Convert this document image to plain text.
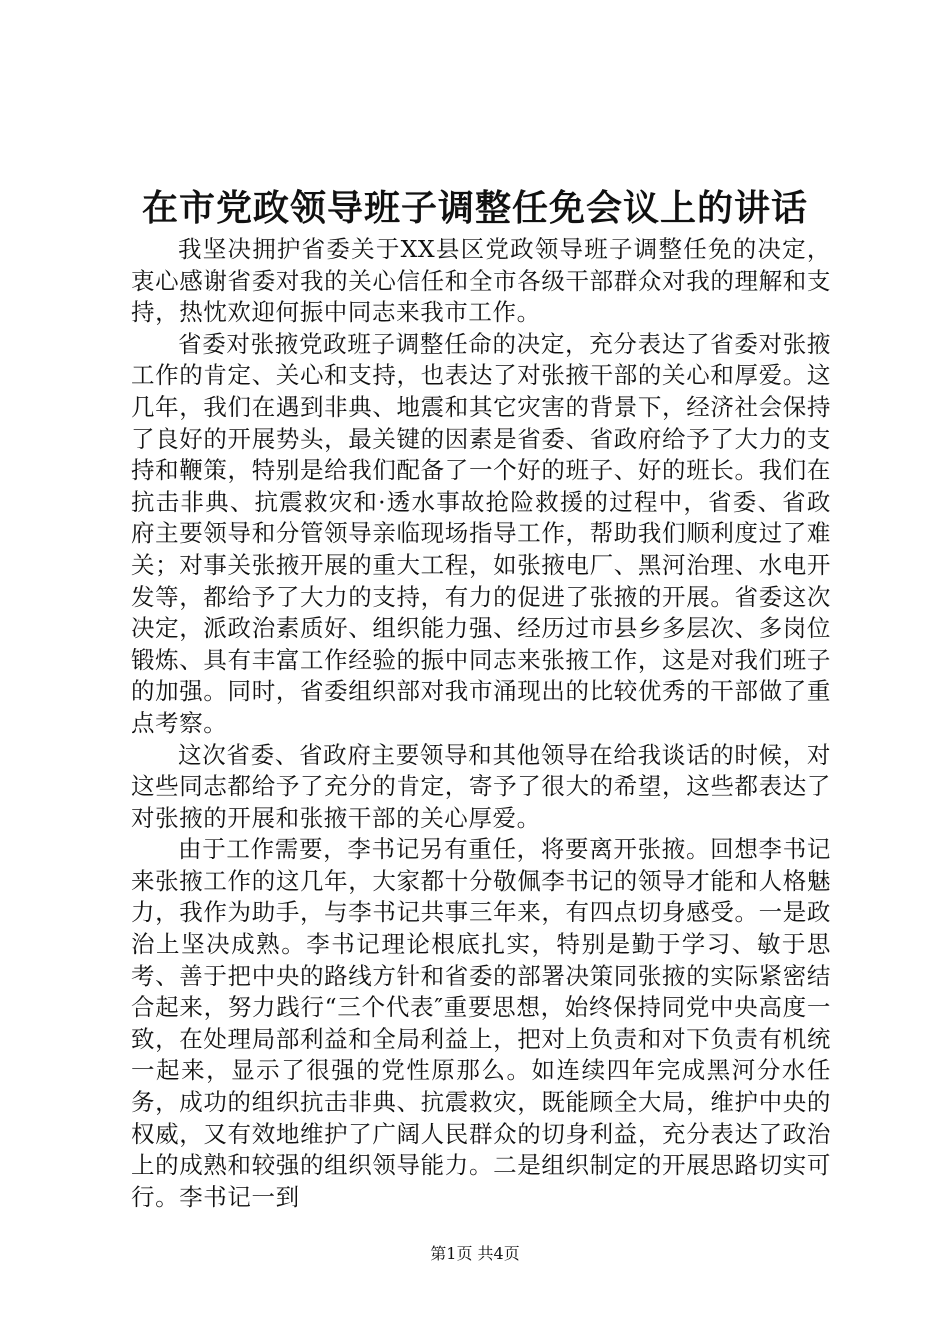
在市党政领导班子调整任免会议上的讲话

我坚决拥护省委关于XX县区党政领导班子调整任免的决定，衷心感谢省委对我的关心信任和全市各级干部群众对我的理解和支持，热忱欢迎何振中同志来我市工作。

省委对张掖党政班子调整任命的决定，充分表达了省委对张掖工作的肯定、关心和支持，也表达了对张掖干部的关心和厚爱。这几年，我们在遇到非典、地震和其它灾害的背景下，经济社会保持了良好的开展势头，最关键的因素是省委、省政府给予了大力的支持和鞭策，特别是给我们配备了一个好的班子、好的班长。我们在抗击非典、抗震救灾和·透水事故抢险救援的过程中，省委、省政府主要领导和分管领导亲临现场指导工作，帮助我们顺利度过了难关；对事关张掖开展的重大工程，如张掖电厂、黑河治理、水电开发等，都给予了大力的支持，有力的促进了张掖的开展。省委这次决定，派政治素质好、组织能力强、经历过市县乡多层次、多岗位锻炼、具有丰富工作经验的振中同志来张掖工作，这是对我们班子的加强。同时，省委组织部对我市涌现出的比较优秀的干部做了重点考察。

这次省委、省政府主要领导和其他领导在给我谈话的时候，对这些同志都给予了充分的肯定，寄予了很大的希望，这些都表达了对张掖的开展和张掖干部的关心厚爱。

由于工作需要，李书记另有重任，将要离开张掖。回想李书记来张掖工作的这几年，大家都十分敬佩李书记的领导才能和人格魅力，我作为助手，与李书记共事三年来，有四点切身感受。一是政治上坚决成熟。李书记理论根底扎实，特别是勤于学习、敏于思考、善于把中央的路线方针和省委的部署决策同张掖的实际紧密结合起来，努力践行“三个代表″重要思想，始终保持同党中央高度一致，在处理局部利益和全局利益上，把对上负责和对下负责有机统一起来，显示了很强的党性原那么。如连续四年完成黑河分水任务，成功的组织抗击非典、抗震救灾，既能顾全大局，维护中央的权威，又有效地维护了广阔人民群众的切身利益，充分表达了政治上的成熟和较强的组织领导能力。二是组织制定的开展思路切实可行。李书记一到

第1页 共4页
